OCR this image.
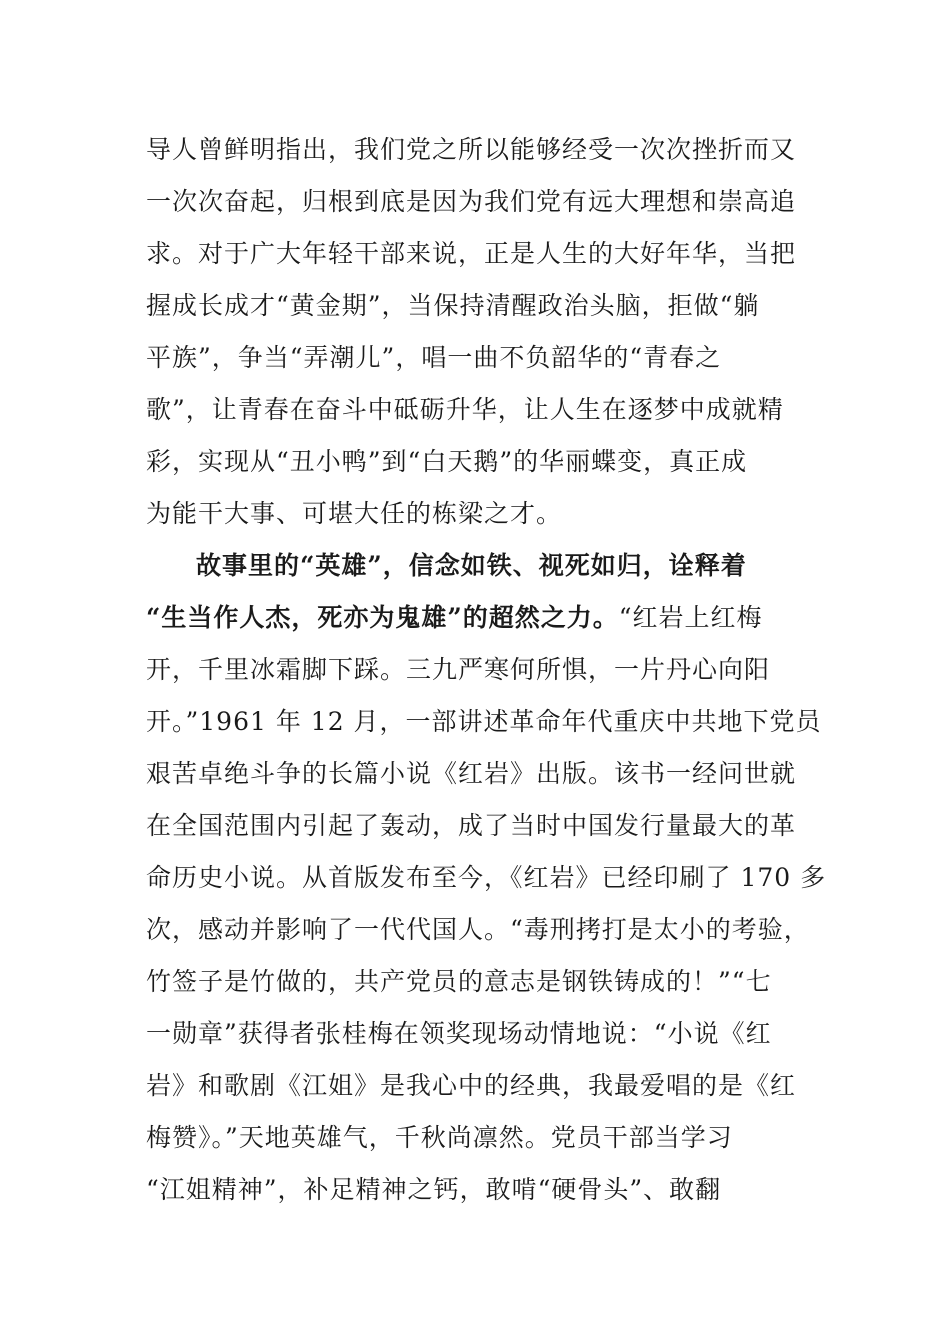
导人曾鲜明指出，我们党之所以能够经受一次次挫折而又
一次次奋起，归根到底是因为我们党有远大理想和崇高追
求。对于广大年轻干部来说，正是人生的大好年华，当把
握成长成才“黄金期”，当保持清醒政治头脑，拒做“躺
平族”，争当“弄潮儿”，唱一曲不负韶华的“青春之
歌”，让青春在奋斗中砥砺升华，让人生在逐梦中成就精
彩，实现从“丑小鸭”到“白天鹅”的华丽蝶变，真正成
为能干大事、可堪大任的栋梁之才。
故事里的“英雄”，信念如铁、视死如归，诠释着
“生当作人杰，死亦为鬼雄”的超然之力。“红岩上红梅
开，千里冰霜脚下踩。三九严寒何所惧，一片丹心向阳
开。”1961 年 12 月，一部讲述革命年代重庆中共地下党员
艰苦卓绝斗争的长篇小说《红岩》出版。该书一经问世就
在全国范围内引起了轰动，成了当时中国发行量最大的革
命历史小说。从首版发布至今，《红岩》已经印刷了 170 多
次，感动并影响了一代代国人。“毒刑拷打是太小的考验，
竹签子是竹做的，共产党员的意志是钢铁铸成的！”“七
一勋章”获得者张桂梅在领奖现场动情地说：“小说《红
岩》和歌剧《江姐》是我心中的经典，我最爱唱的是《红
梅赞》。”天地英雄气，千秋尚凛然。党员干部当学习
“江姐精神”，补足精神之钙，敢啃“硬骨头”、敢翻
